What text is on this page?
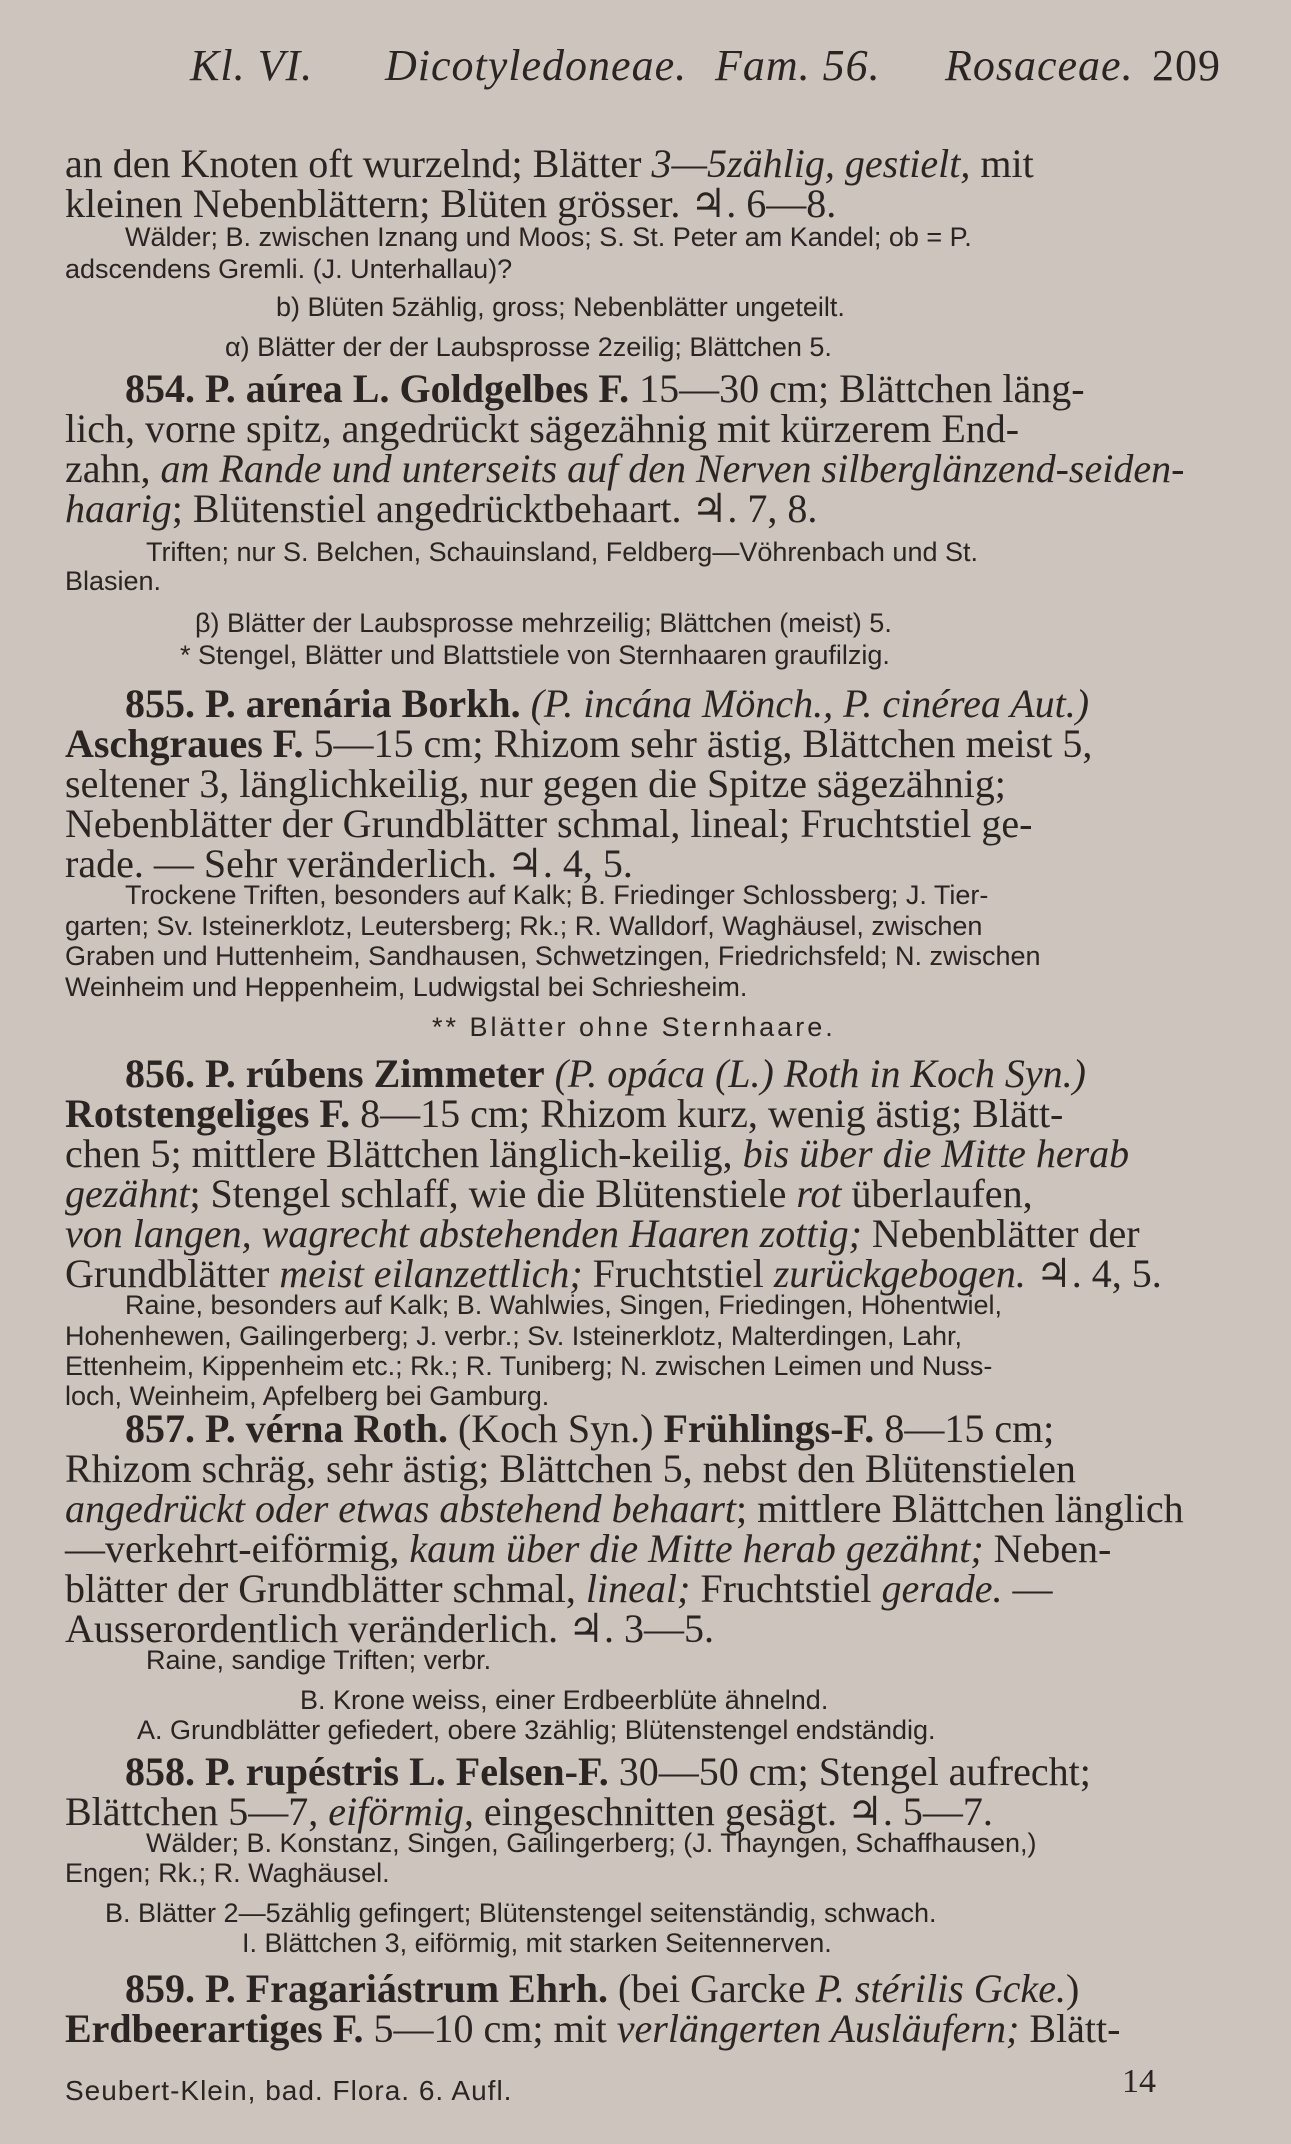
Kl. VI. Dicotyledoneae. Fam. 56. Rosaceae. 209
an den Knoten oft wurzelnd; Blätter 3—5zählig, gestielt, mit
kleinen Nebenblättern; Blüten grösser. ♃. 6—8.
Wälder; B. zwischen Iznang und Moos; S. St. Peter am Kandel; ob = P.
adscendens Gremli. (J. Unterhallau)?
b) Blüten 5zählig, gross; Nebenblätter ungeteilt.
α) Blätter der der Laubsprosse 2zeilig; Blättchen 5.
854. P. aúrea L. Goldgelbes F. 15—30 cm; Blättchen läng-
lich, vorne spitz, angedrückt sägezähnig mit kürzerem End-
zahn, am Rande und unterseits auf den Nerven silberglänzend-seiden-
haarig; Blütenstiel angedrücktbehaart. ♃. 7, 8.
Triften; nur S. Belchen, Schauinsland, Feldberg—Vöhrenbach und St.
Blasien.
β) Blätter der Laubsprosse mehrzeilig; Blättchen (meist) 5.
* Stengel, Blätter und Blattstiele von Sternhaaren graufilzig.
855. P. arenária Borkh. (P. incána Mönch., P. cinérea Aut.)
Aschgraues F. 5—15 cm; Rhizom sehr ästig, Blättchen meist 5,
seltener 3, länglichkeilig, nur gegen die Spitze sägezähnig;
Nebenblätter der Grundblätter schmal, lineal; Fruchtstiel ge-
rade. — Sehr veränderlich. ♃. 4, 5.
Trockene Triften, besonders auf Kalk; B. Friedinger Schlossberg; J. Tier-
garten; Sv. Isteinerklotz, Leutersberg; Rk.; R. Walldorf, Waghäusel, zwischen
Graben und Huttenheim, Sandhausen, Schwetzingen, Friedrichsfeld; N. zwischen
Weinheim und Heppenheim, Ludwigstal bei Schriesheim.
** Blätter ohne Sternhaare.
856. P. rúbens Zimmeter (P. opáca (L.) Roth in Koch Syn.)
Rotstengeliges F. 8—15 cm; Rhizom kurz, wenig ästig; Blätt-
chen 5; mittlere Blättchen länglich-keilig, bis über die Mitte herab
gezähnt; Stengel schlaff, wie die Blütenstiele rot überlaufen,
von langen, wagrecht abstehenden Haaren zottig; Nebenblätter der
Grundblätter meist eilanzettlich; Fruchtstiel zurückgebogen. ♃. 4, 5.
Raine, besonders auf Kalk; B. Wahlwies, Singen, Friedingen, Hohentwiel,
Hohenhewen, Gailingerberg; J. verbr.; Sv. Isteinerklotz, Malterdingen, Lahr,
Ettenheim, Kippenheim etc.; Rk.; R. Tuniberg; N. zwischen Leimen und Nuss-
loch, Weinheim, Apfelberg bei Gamburg.
857. P. vérna Roth. (Koch Syn.) Frühlings-F. 8—15 cm;
Rhizom schräg, sehr ästig; Blättchen 5, nebst den Blütenstielen
angedrückt oder etwas abstehend behaart; mittlere Blättchen länglich
—verkehrt-eiförmig, kaum über die Mitte herab gezähnt; Neben-
blätter der Grundblätter schmal, lineal; Fruchtstiel gerade. —
Ausserordentlich veränderlich. ♃. 3—5.
Raine, sandige Triften; verbr.
B. Krone weiss, einer Erdbeerblüte ähnelnd.
A. Grundblätter gefiedert, obere 3zählig; Blütenstengel endständig.
858. P. rupéstris L. Felsen-F. 30—50 cm; Stengel aufrecht;
Blättchen 5—7, eiförmig, eingeschnitten gesägt. ♃. 5—7.
Wälder; B. Konstanz, Singen, Gailingerberg; (J. Thayngen, Schaffhausen,)
Engen; Rk.; R. Waghäusel.
B. Blätter 2—5zählig gefingert; Blütenstengel seitenständig, schwach.
I. Blättchen 3, eiförmig, mit starken Seitennerven.
859. P. Fragariástrum Ehrh. (bei Garcke P. stérilis Gcke.)
Erdbeerartiges F. 5—10 cm; mit verlängerten Ausläufern; Blätt-
Seubert-Klein, bad. Flora. 6. Aufl.	14
